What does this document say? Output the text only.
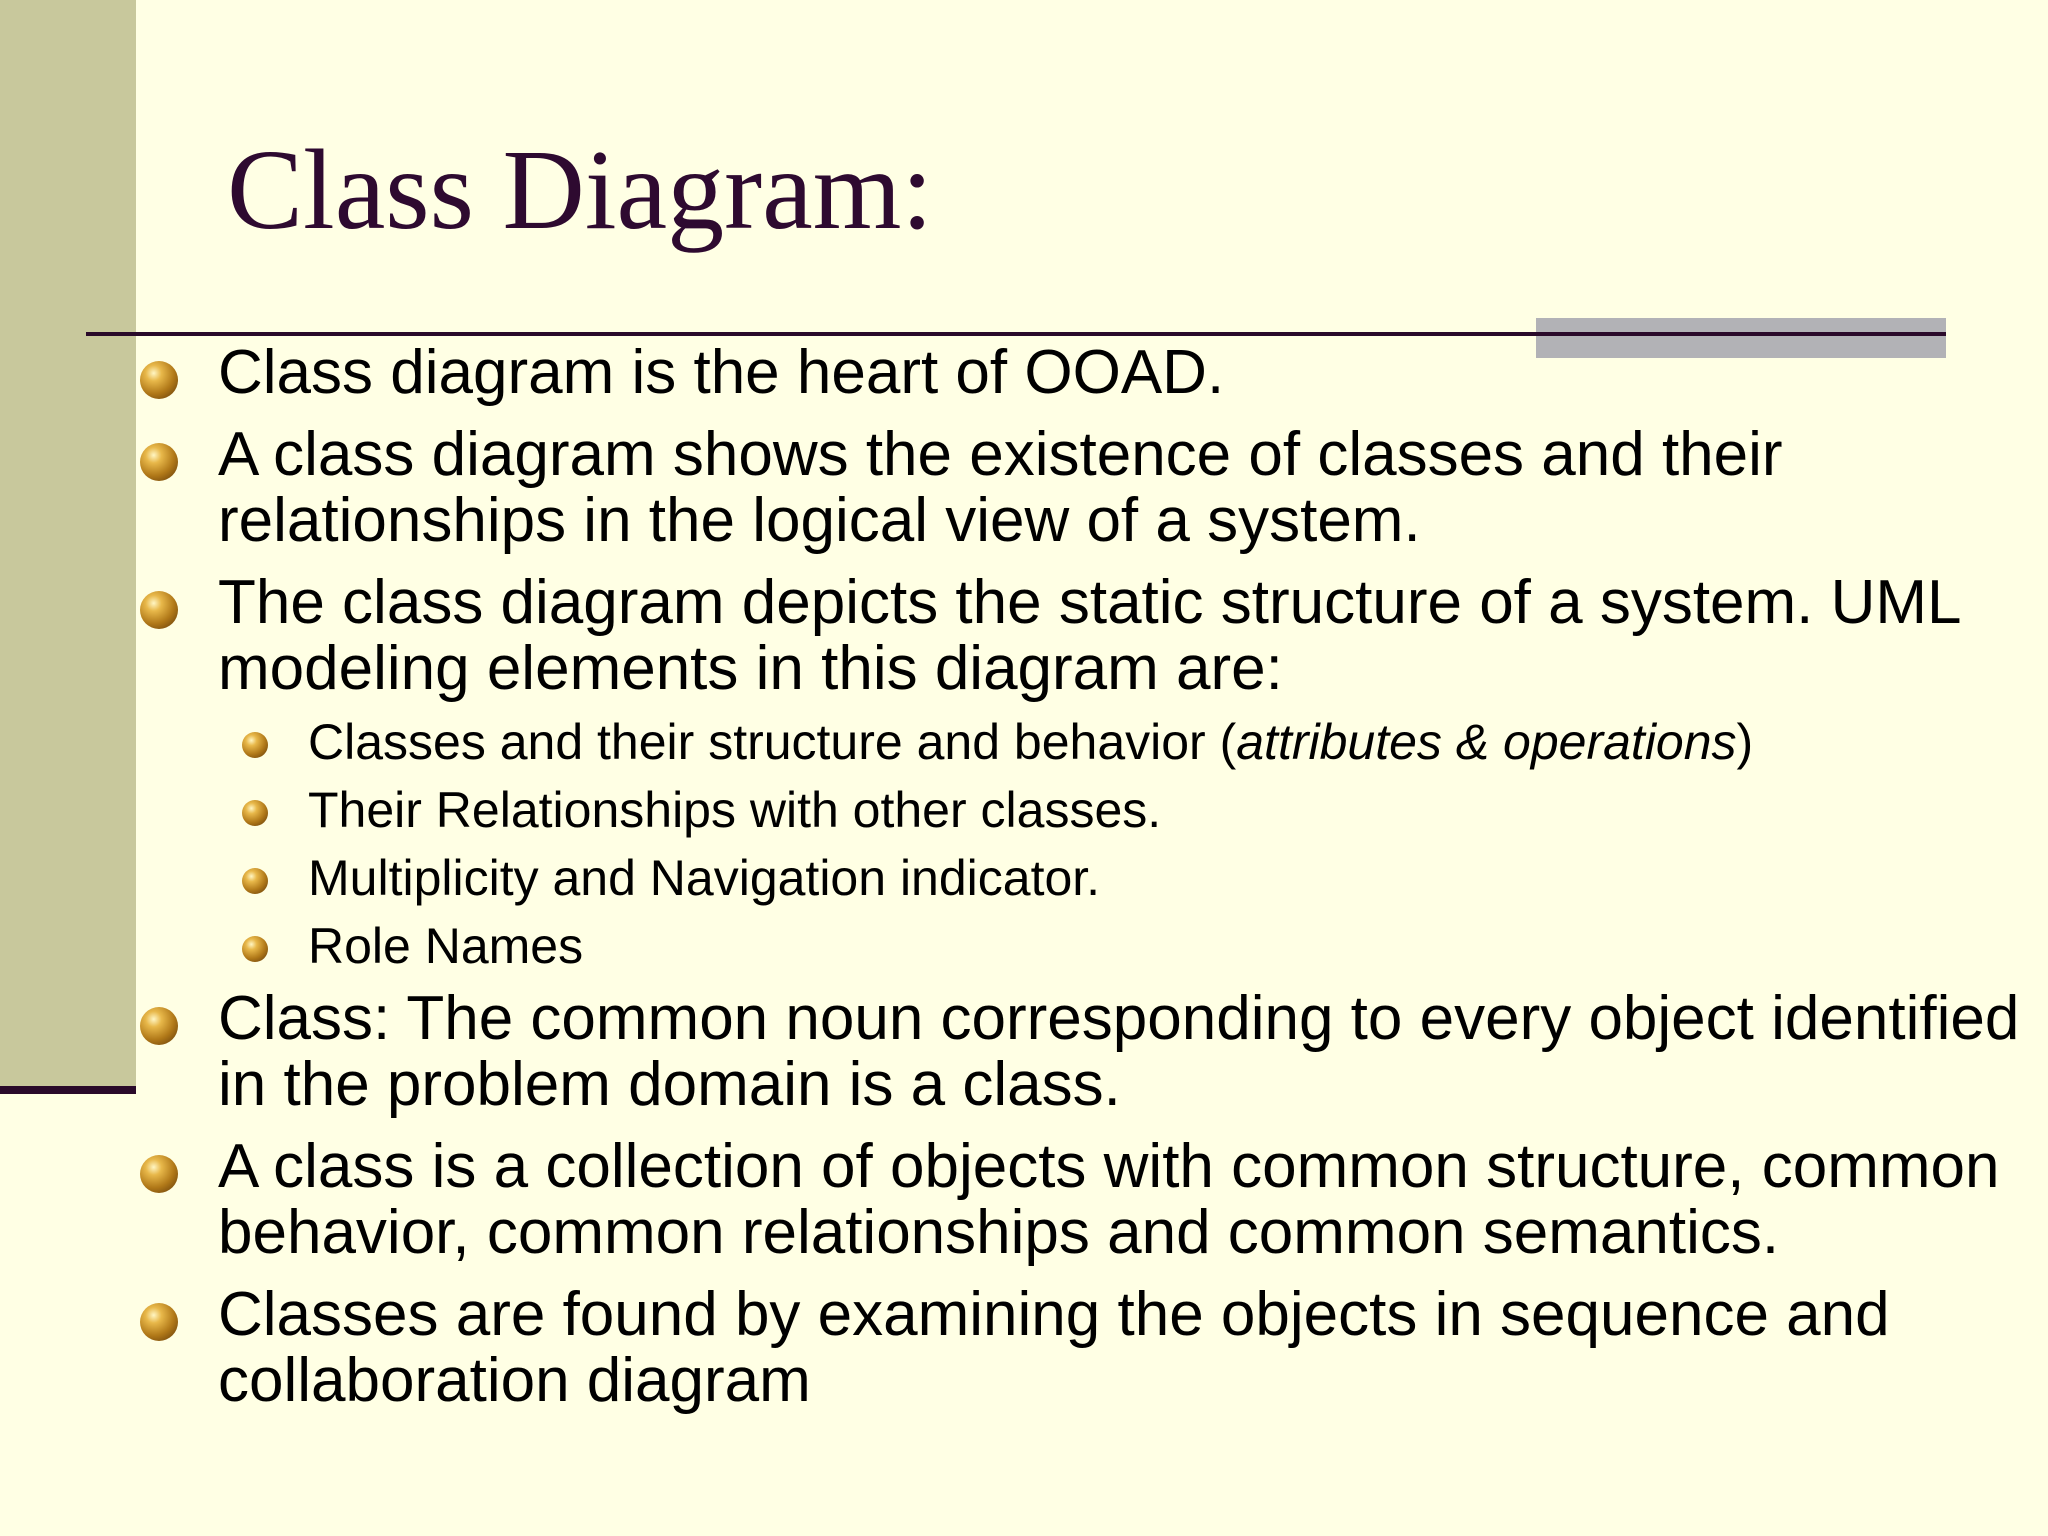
Class Diagram:
Class diagram is the heart of OOAD.
A class diagram shows the existence of classes and their relationships in the logical view of a system.
The class diagram depicts the static structure of a system. UML modeling elements in this diagram are:
Classes and their structure and behavior (attributes & operations)
Their Relationships with other classes.
Multiplicity and Navigation indicator.
Role Names
Class: The common noun corresponding to every object identified in the problem domain is a class.
A class is a collection of objects with common structure, common behavior, common relationships and common semantics.
Classes are found by examining the objects in sequence and collaboration diagram
